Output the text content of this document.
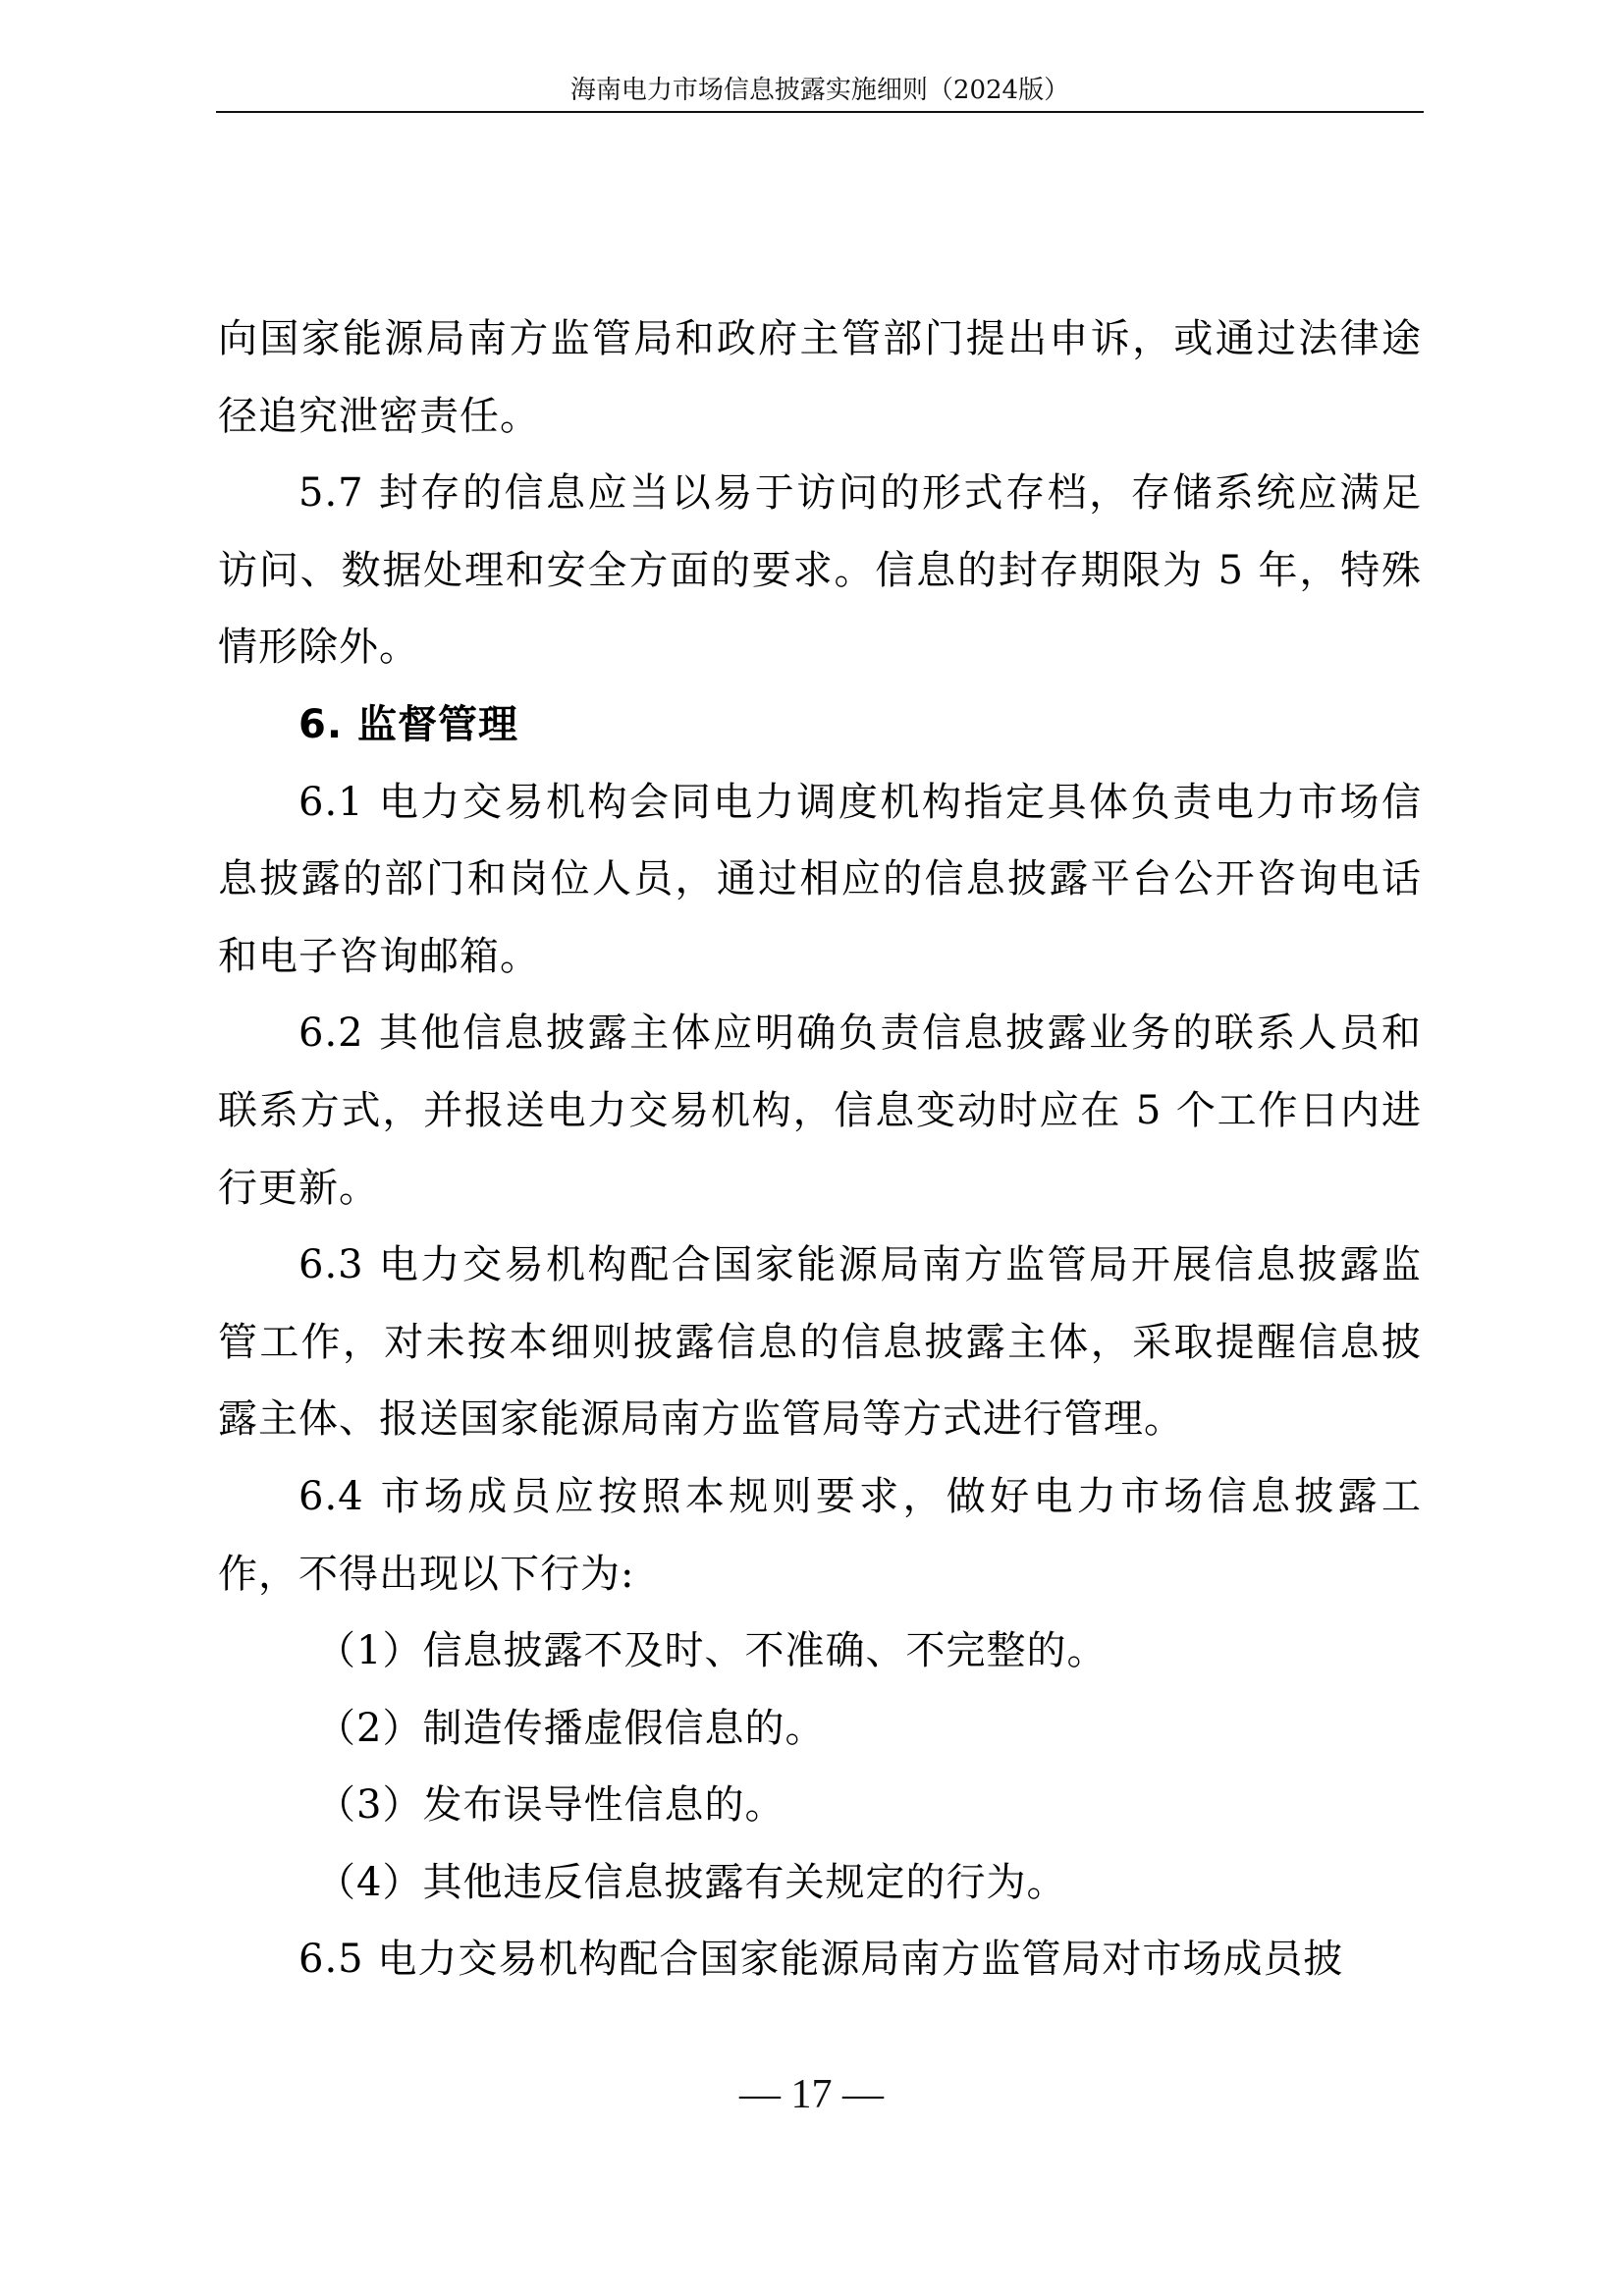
海南电力市场信息披露实施细则（2024版）

向国家能源局南方监管局和政府主管部门提出申诉，或通过法律途径追究泄密责任。

5.7 封存的信息应当以易于访问的形式存档，存储系统应满足访问、数据处理和安全方面的要求。信息的封存期限为 5 年，特殊情形除外。

6. 监督管理

6.1 电力交易机构会同电力调度机构指定具体负责电力市场信息披露的部门和岗位人员，通过相应的信息披露平台公开咨询电话和电子咨询邮箱。

6.2 其他信息披露主体应明确负责信息披露业务的联系人员和联系方式，并报送电力交易机构，信息变动时应在 5 个工作日内进行更新。

6.3 电力交易机构配合国家能源局南方监管局开展信息披露监管工作，对未按本细则披露信息的信息披露主体，采取提醒信息披露主体、报送国家能源局南方监管局等方式进行管理。

6.4 市场成员应按照本规则要求，做好电力市场信息披露工作，不得出现以下行为:

（1）信息披露不及时、不准确、不完整的。

（2）制造传播虚假信息的。

（3）发布误导性信息的。

（4）其他违反信息披露有关规定的行为。

6.5 电力交易机构配合国家能源局南方监管局对市场成员披

— 17 —
